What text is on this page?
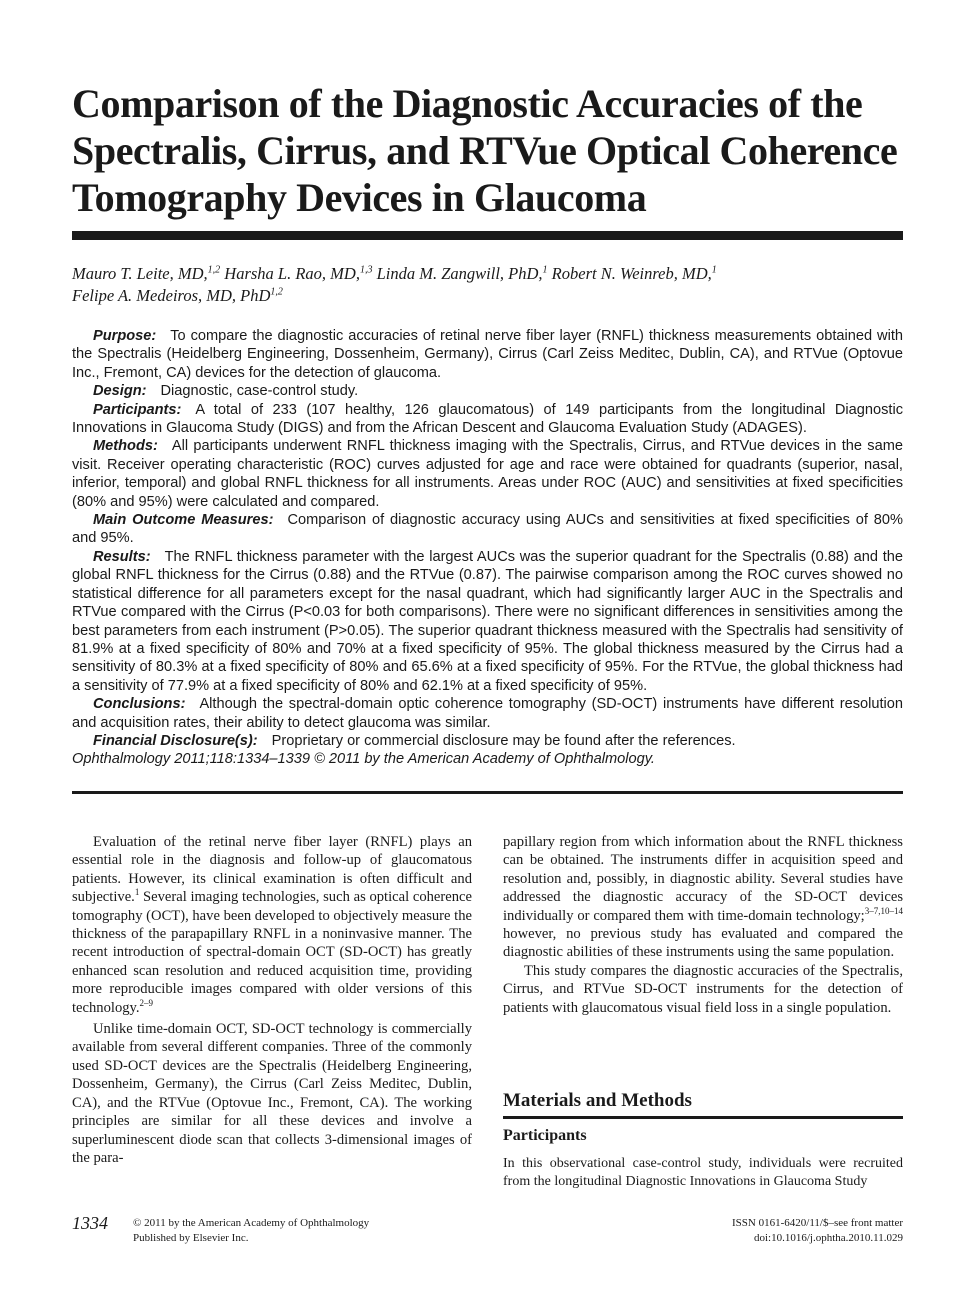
Comparison of the Diagnostic Accuracies of the Spectralis, Cirrus, and RTVue Optical Coherence Tomography Devices in Glaucoma
Mauro T. Leite, MD,$^{1,2}$ Harsha L. Rao, MD,$^{1,3}$ Linda M. Zangwill, PhD,$^1$ Robert N. Weinreb, MD,$^1$
Felipe A. Medeiros, MD, PhD$^{1,2}$

Purpose: To compare the diagnostic accuracies of retinal nerve fiber layer (RNFL) thickness measurements obtained with the Spectralis (Heidelberg Engineering, Dossenheim, Germany), Cirrus (Carl Zeiss Meditec, Dublin, CA), and RTVue (Optovue Inc., Fremont, CA) devices for the detection of glaucoma.

Design: Diagnostic, case-control study.

Participants: A total of 233 (107 healthy, 126 glaucomatous) of 149 participants from the longitudinal Diagnostic Innovations in Glaucoma Study (DIGS) and from the African Descent and Glaucoma Evaluation Study (ADAGES).

Methods: All participants underwent RNFL thickness imaging with the Spectralis, Cirrus, and RTVue devices in the same visit. Receiver operating characteristic (ROC) curves adjusted for age and race were obtained for quadrants (superior, nasal, inferior, temporal) and global RNFL thickness for all instruments. Areas under ROC (AUC) and sensitivities at fixed specificities (80% and 95%) were calculated and compared.

Main Outcome Measures: Comparison of diagnostic accuracy using AUCs and sensitivities at fixed specificities of 80% and 95%.

Results: The RNFL thickness parameter with the largest AUCs was the superior quadrant for the Spectralis (0.88) and the global RNFL thickness for the Cirrus (0.88) and the RTVue (0.87). The pairwise comparison among the ROC curves showed no statistical difference for all parameters except for the nasal quadrant, which had significantly larger AUC in the Spectralis and RTVue compared with the Cirrus (P<0.03 for both comparisons). There were no significant differences in sensitivities among the best parameters from each instrument (P>0.05). The superior quadrant thickness measured with the Spectralis had sensitivity of 81.9% at a fixed specificity of 80% and 70% at a fixed specificity of 95%. The global thickness measured by the Cirrus had a sensitivity of 80.3% at a fixed specificity of 80% and 65.6% at a fixed specificity of 95%. For the RTVue, the global thickness had a sensitivity of 77.9% at a fixed specificity of 80% and 62.1% at a fixed specificity of 95%.

Conclusions: Although the spectral-domain optic coherence tomography (SD-OCT) instruments have different resolution and acquisition rates, their ability to detect glaucoma was similar.

Financial Disclosure(s): Proprietary or commercial disclosure may be found after the references.

Ophthalmology 2011;118:1334–1339 © 2011 by the American Academy of Ophthalmology.

Evaluation of the retinal nerve fiber layer (RNFL) plays an essential role in the diagnosis and follow-up of glaucomatous patients. However, its clinical examination is often difficult and subjective.$^1$ Several imaging technologies, such as optical coherence tomography (OCT), have been developed to objectively measure the thickness of the parapapillary RNFL in a noninvasive manner. The recent introduction of spectral-domain OCT (SD-OCT) has greatly enhanced scan resolution and reduced acquisition time, providing more reproducible images compared with older versions of this technology.$^{2-9}$

Unlike time-domain OCT, SD-OCT technology is commercially available from several different companies. Three of the commonly used SD-OCT devices are the Spectralis (Heidelberg Engineering, Dossenheim, Germany), the Cirrus (Carl Zeiss Meditec, Dublin, CA), and the RTVue (Optovue Inc., Fremont, CA). The working principles are similar for all these devices and involve a superluminescent diode scan that collects 3-dimensional images of the para-

papillary region from which information about the RNFL thickness can be obtained. The instruments differ in acquisition speed and resolution and, possibly, in diagnostic ability. Several studies have addressed the diagnostic accuracy of the SD-OCT devices individually or compared them with time-domain technology;$^{3-7,10-14}$ however, no previous study has evaluated and compared the diagnostic abilities of these instruments using the same population.

This study compares the diagnostic accuracies of the Spectralis, Cirrus, and RTVue SD-OCT instruments for the detection of patients with glaucomatous visual field loss in a single population.

Materials and Methods
Participants

In this observational case-control study, individuals were recruited from the longitudinal Diagnostic Innovations in Glaucoma Study

1334 © 2011 by the American Academy of Ophthalmology
Published by Elsevier Inc.
ISSN 0161-6420/11/$–see front matter
doi:10.1016/j.ophtha.2010.11.029
